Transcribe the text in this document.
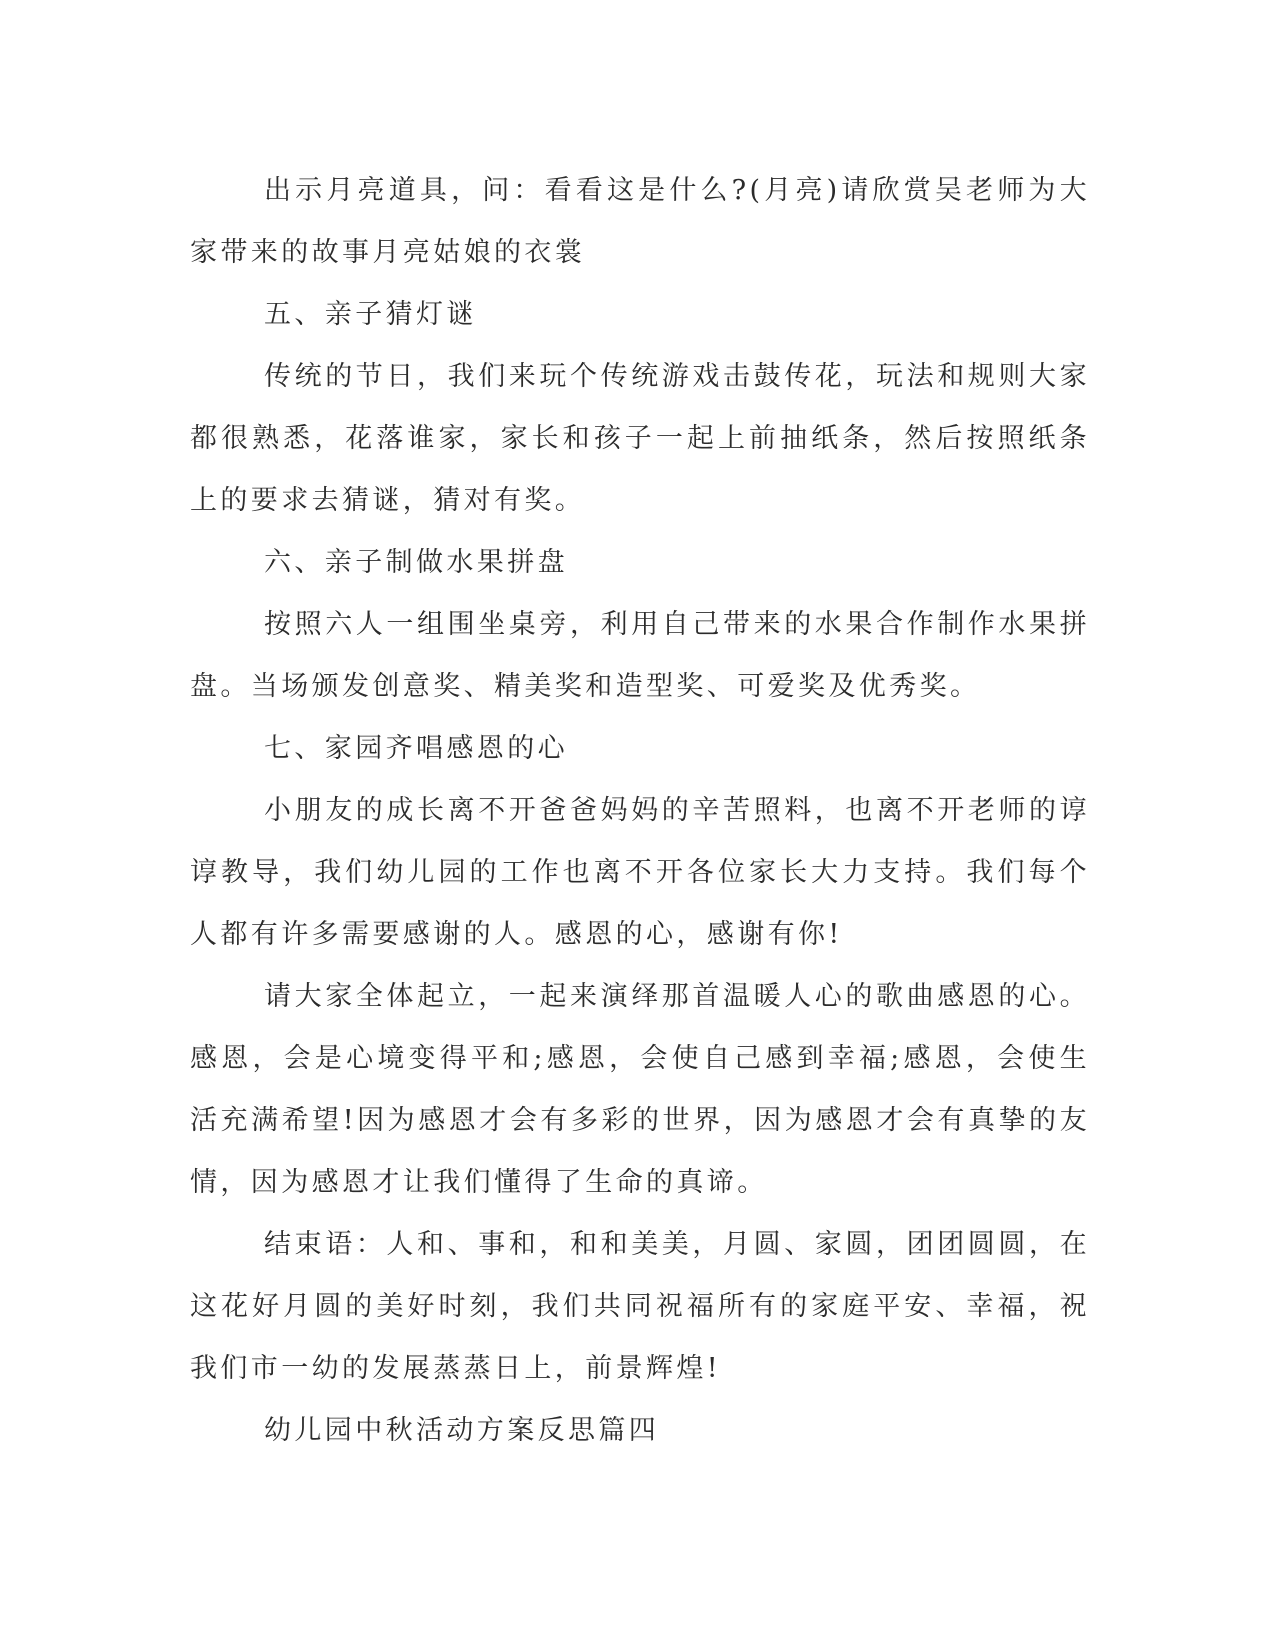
出示月亮道具，问：看看这是什么?(月亮)请欣赏吴老师为大家带来的故事月亮姑娘的衣裳

五、亲子猜灯谜

传统的节日，我们来玩个传统游戏击鼓传花，玩法和规则大家都很熟悉，花落谁家，家长和孩子一起上前抽纸条，然后按照纸条上的要求去猜谜，猜对有奖。

六、亲子制做水果拼盘

按照六人一组围坐桌旁，利用自己带来的水果合作制作水果拼盘。当场颁发创意奖、精美奖和造型奖、可爱奖及优秀奖。

七、家园齐唱感恩的心

小朋友的成长离不开爸爸妈妈的辛苦照料，也离不开老师的谆谆教导，我们幼儿园的工作也离不开各位家长大力支持。我们每个人都有许多需要感谢的人。感恩的心，感谢有你!

请大家全体起立，一起来演绎那首温暖人心的歌曲感恩的心。感恩，会是心境变得平和;感恩，会使自己感到幸福;感恩，会使生活充满希望!因为感恩才会有多彩的世界，因为感恩才会有真挚的友情，因为感恩才让我们懂得了生命的真谛。

结束语：人和、事和，和和美美，月圆、家圆，团团圆圆，在这花好月圆的美好时刻，我们共同祝福所有的家庭平安、幸福，祝我们市一幼的发展蒸蒸日上，前景辉煌!

幼儿园中秋活动方案反思篇四
